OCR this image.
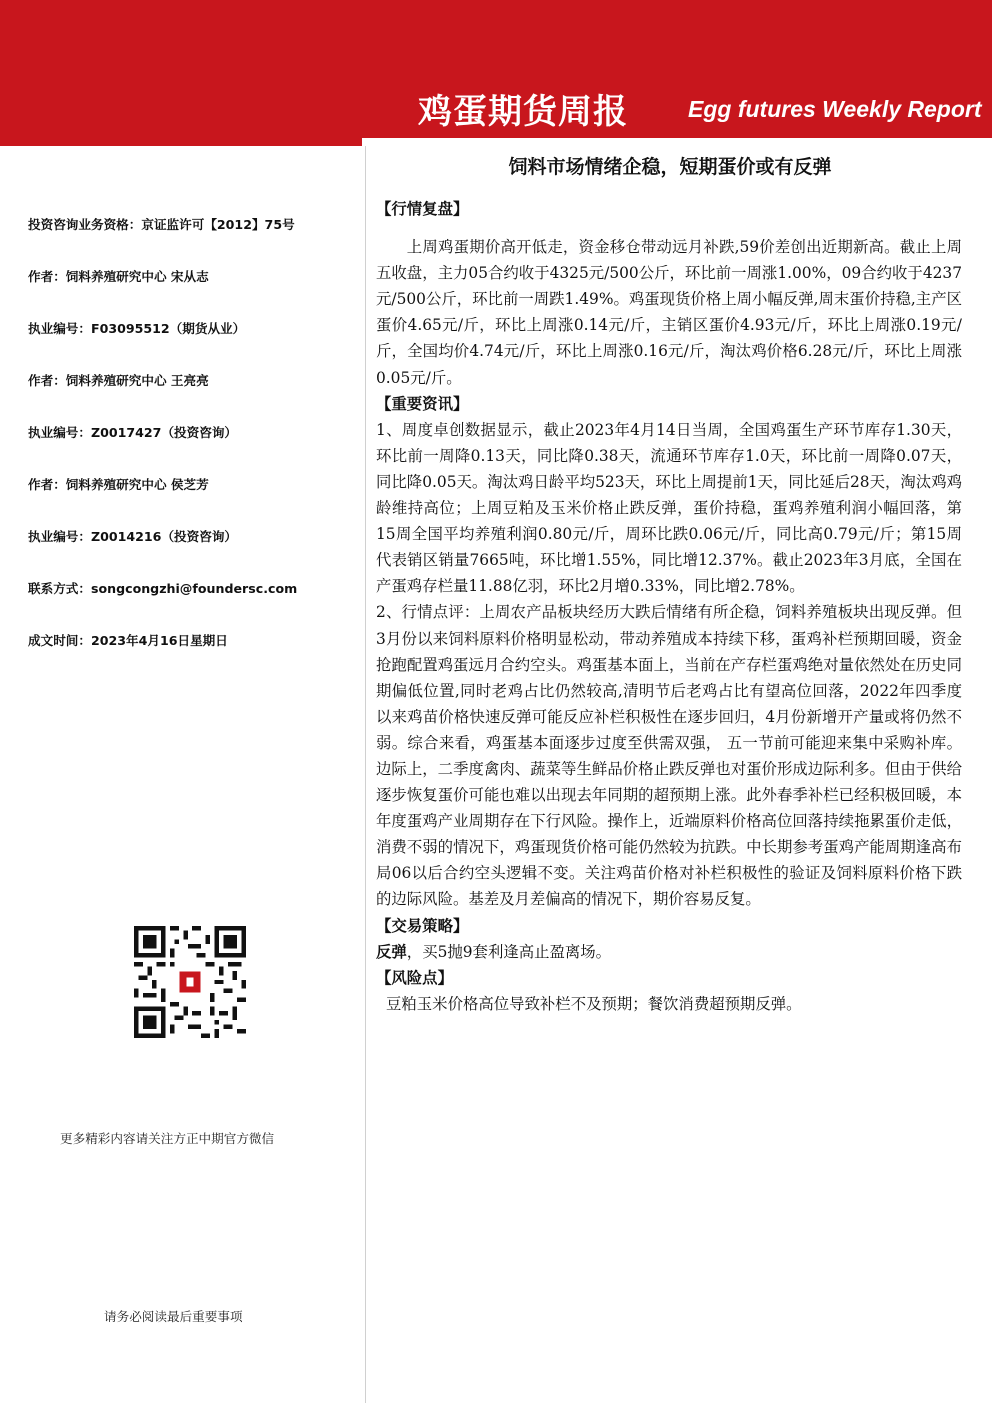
鸡蛋期货周报	Egg futures Weekly Report
投资咨询业务资格：京证监许可【2012】75号
作者：饲料养殖研究中心 宋从志
执业编号：F03095512（期货从业）
作者：饲料养殖研究中心 王亮亮
执业编号：Z0017427（投资咨询）
作者：饲料养殖研究中心 侯芝芳
执业编号：Z0014216（投资咨询）
联系方式：songcongzhi@foundersc.com
成文时间：2023年4月16日星期日
更多精彩内容请关注方正中期官方微信
请务必阅读最后重要事项
饲料市场情绪企稳，短期蛋价或有反弹

【行情复盘】

上周鸡蛋期价高开低走，资金移仓带动远月补跌,59价差创出近期新高。截止上周五收盘，主力05合约收于4325元/500公斤，环比前一周涨1.00%，09合约收于4237元/500公斤，环比前一周跌1.49%。鸡蛋现货价格上周小幅反弹,周末蛋价持稳,主产区蛋价4.65元/斤，环比上周涨0.14元/斤，主销区蛋价4.93元/斤，环比上周涨0.19元/斤，全国均价4.74元/斤，环比上周涨0.16元/斤，淘汰鸡价格6.28元/斤，环比上周涨0.05元/斤。

【重要资讯】

1、周度卓创数据显示，截止2023年4月14日当周，全国鸡蛋生产环节库存1.30天，环比前一周降0.13天，同比降0.38天，流通环节库存1.0天，环比前一周降0.07天，同比降0.05天。淘汰鸡日龄平均523天，环比上周提前1天，同比延后28天，淘汰鸡鸡龄维持高位；上周豆粕及玉米价格止跌反弹，蛋价持稳，蛋鸡养殖利润小幅回落，第15周全国平均养殖利润0.80元/斤，周环比跌0.06元/斤，同比高0.79元/斤；第15周代表销区销量7665吨，环比增1.55%，同比增12.37%。截止2023年3月底，全国在产蛋鸡存栏量11.88亿羽，环比2月增0.33%，同比增2.78%。

2、行情点评：上周农产品板块经历大跌后情绪有所企稳，饲料养殖板块出现反弹。但3月份以来饲料原料价格明显松动，带动养殖成本持续下移，蛋鸡补栏预期回暖，资金抢跑配置鸡蛋远月合约空头。鸡蛋基本面上，当前在产存栏蛋鸡绝对量依然处在历史同期偏低位置,同时老鸡占比仍然较高,清明节后老鸡占比有望高位回落，2022年四季度以来鸡苗价格快速反弹可能反应补栏积极性在逐步回归，4月份新增开产量或将仍然不弱。综合来看，鸡蛋基本面逐步过度至供需双强， 五一节前可能迎来集中采购补库。边际上，二季度禽肉、蔬菜等生鲜品价格止跌反弹也对蛋价形成边际利多。但由于供给逐步恢复蛋价可能也难以出现去年同期的超预期上涨。此外春季补栏已经积极回暖，本年度蛋鸡产业周期存在下行风险。操作上，近端原料价格高位回落持续拖累蛋价走低，消费不弱的情况下，鸡蛋现货价格可能仍然较为抗跌。中长期参考蛋鸡产能周期逢高布局06以后合约空头逻辑不变。关注鸡苗价格对补栏积极性的验证及饲料原料价格下跌的边际风险。基差及月差偏高的情况下，期价容易反复。

【交易策略】

反弹，买5抛9套利逢高止盈离场。

【风险点】

豆粕玉米价格高位导致补栏不及预期；餐饮消费超预期反弹。
